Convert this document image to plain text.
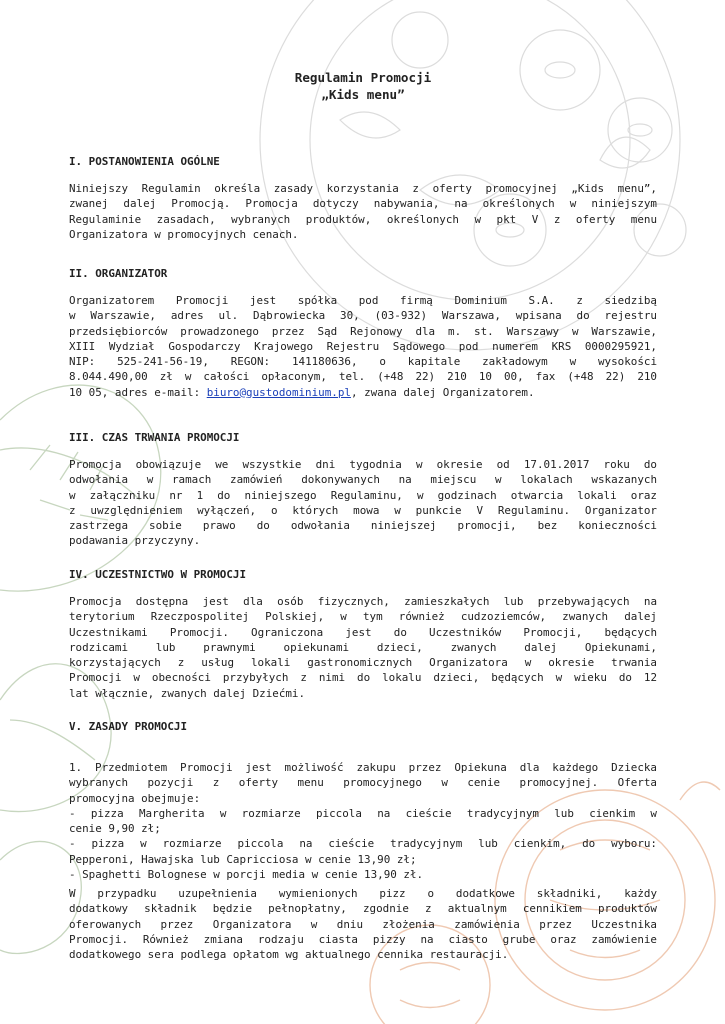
Regulamin Promocji

„Kids menu”

I. POSTANOWIENIA OGÓLNE

Niniejszy Regulamin określa zasady korzystania z oferty promocyjnej „Kids menu”,
zwanej dalej Promocją. Promocja dotyczy nabywania, na określonych w niniejszym
Regulaminie zasadach, wybranych produktów, określonych w pkt V z oferty menu
Organizatora w promocyjnych cenach.

II. ORGANIZATOR

Organizatorem Promocji jest spółka pod firmą Dominium S.A. z siedzibą
w Warszawie, adres ul. Dąbrowiecka 30, (03-932) Warszawa, wpisana do rejestru
przedsiębiorców prowadzonego przez Sąd Rejonowy dla m. st. Warszawy w Warszawie,
XIII Wydział Gospodarczy Krajowego Rejestru Sądowego pod numerem KRS 0000295921,
NIP: 525-241-56-19, REGON: 141180636, o kapitale zakładowym w wysokości
8.044.490,00 zł w całości opłaconym, tel. (+48 22) 210 10 00, fax (+48 22) 210
10 05, adres e-mail: biuro@gustodominium.pl, zwana dalej Organizatorem.

III. CZAS TRWANIA PROMOCJI

Promocja obowiązuje we wszystkie dni tygodnia w okresie od 17.01.2017 roku do
odwołania w ramach zamówień dokonywanych na miejscu w lokalach wskazanych
w załączniku nr 1 do niniejszego Regulaminu, w godzinach otwarcia lokali oraz
z uwzględnieniem wyłączeń, o których mowa w punkcie V Regulaminu. Organizator
zastrzega sobie prawo do odwołania niniejszej promocji, bez konieczności
podawania przyczyny.

IV. UCZESTNICTWO W PROMOCJI

Promocja dostępna jest dla osób fizycznych, zamieszkałych lub przebywających na
terytorium Rzeczpospolitej Polskiej, w tym również cudzoziemców, zwanych dalej
Uczestnikami Promocji. Ograniczona jest do Uczestników Promocji, będących
rodzicami lub prawnymi opiekunami dzieci, zwanych dalej Opiekunami,
korzystających z usług lokali gastronomicznych Organizatora w okresie trwania
Promocji w obecności przybyłych z nimi do lokalu dzieci, będących w wieku do 12
lat włącznie, zwanych dalej Dziećmi.

V. ZASADY PROMOCJI

1. Przedmiotem Promocji jest możliwość zakupu przez Opiekuna dla każdego Dziecka
wybranych pozycji z oferty menu promocyjnego w cenie promocyjnej. Oferta
promocyjna obejmuje:
- pizza Margherita w rozmiarze piccola na cieście tradycyjnym lub cienkim w
cenie 9,90 zł;
- pizza w rozmiarze piccola na cieście tradycyjnym lub cienkim, do wyboru:
Pepperoni, Hawajska lub Capricciosa w cenie 13,90 zł;
- Spaghetti Bolognese w porcji media w cenie 13,90 zł.
W przypadku uzupełnienia wymienionych pizz o dodatkowe składniki, każdy
dodatkowy składnik będzie pełnopłatny, zgodnie z aktualnym cennikiem produktów
oferowanych przez Organizatora w dniu złożenia zamówienia przez Uczestnika
Promocji. Również zmiana rodzaju ciasta pizzy na ciasto grube oraz zamówienie
dodatkowego sera podlega opłatom wg aktualnego cennika restauracji.
